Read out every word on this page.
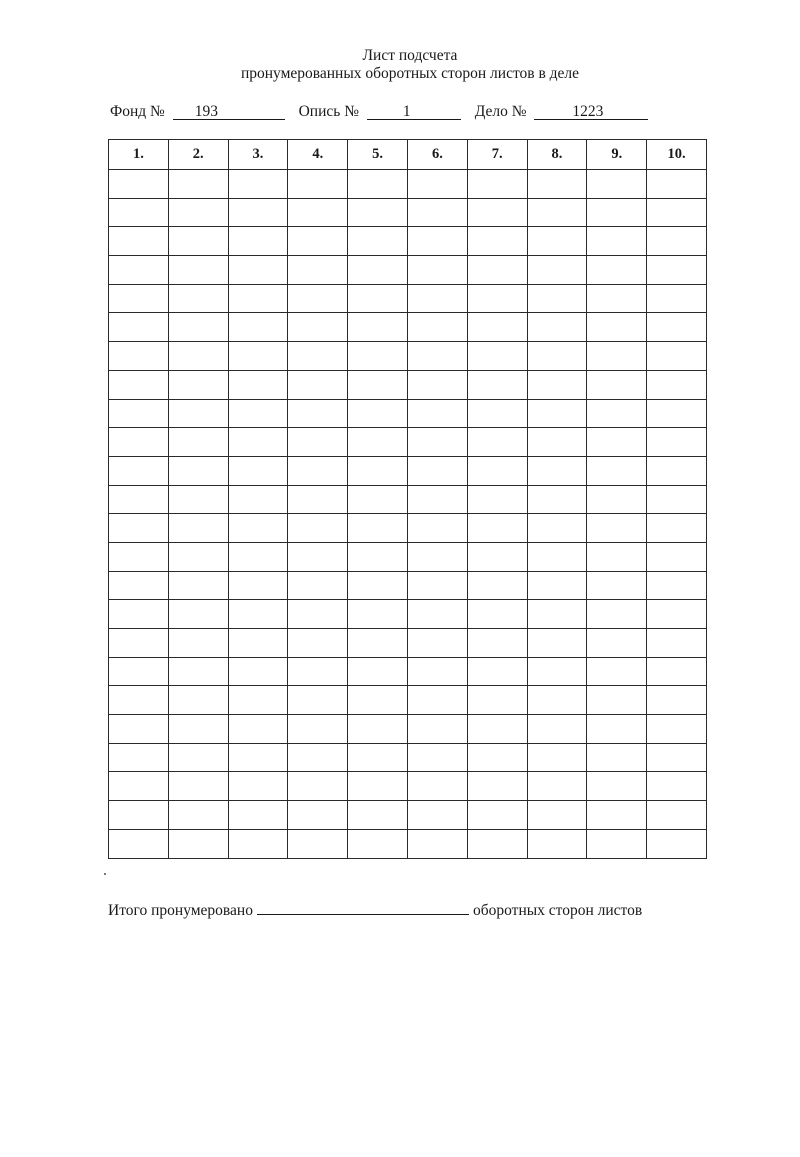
Лист подсчета
пронумерованных оборотных сторон листов в деле
Фонд № 193	Опись №	1	Дело №	1223
1.	2.	3.	4.	5.	6.	7.	8.	9.	10.

Итого пронумеровано	оборотных сторон листов
